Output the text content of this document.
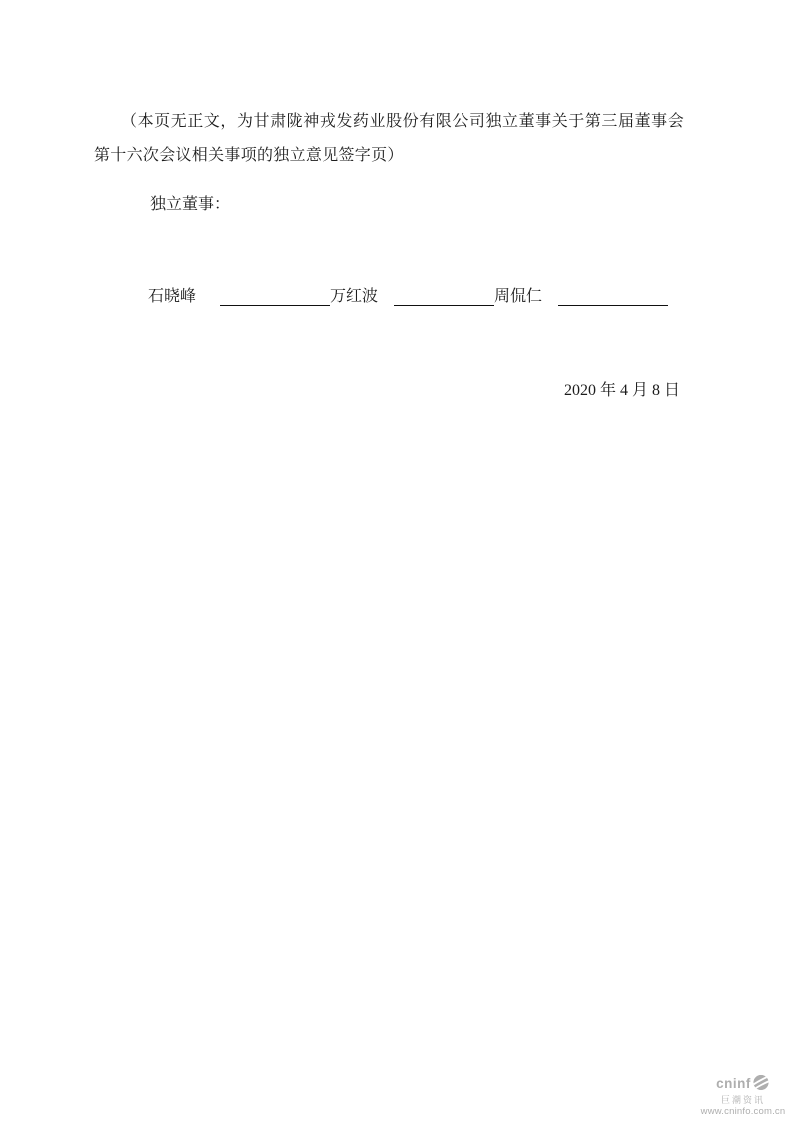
（本页无正文，为甘肃陇神戎发药业股份有限公司独立董事关于第三届董事会第十六次会议相关事项的独立意见签字页）

独立董事：
石晓峰	万红波	周侃仁
2020 年 4 月 8 日
cninf
巨潮资讯
www.cninfo.com.cn
